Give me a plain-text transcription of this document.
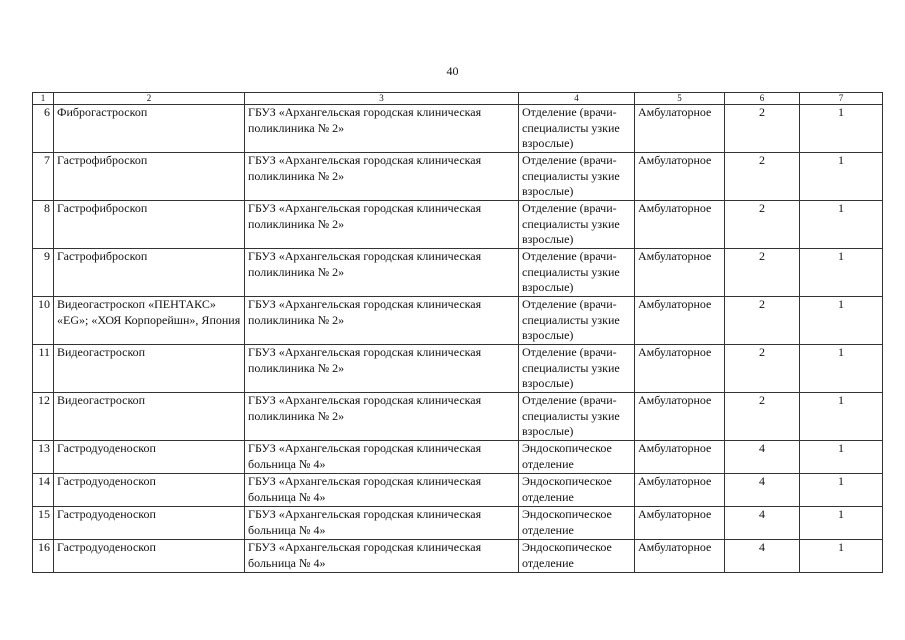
40
1	2	3	4	5	6	7
6	Фиброгастроскоп	ГБУЗ «Архангельская городская клиническая поликлиника № 2»	Отделение (врачи-специалисты узкие взрослые)	Амбулаторное	2	1
7	Гастрофиброскоп	ГБУЗ «Архангельская городская клиническая поликлиника № 2»	Отделение (врачи-специалисты узкие взрослые)	Амбулаторное	2	1
8	Гастрофиброскоп	ГБУЗ «Архангельская городская клиническая поликлиника № 2»	Отделение (врачи-специалисты узкие взрослые)	Амбулаторное	2	1
9	Гастрофиброскоп	ГБУЗ «Архангельская городская клиническая поликлиника № 2»	Отделение (врачи-специалисты узкие взрослые)	Амбулаторное	2	1
10	Видеогастроскоп «ПЕНТАКС» «EG»; «ХОЯ Корпорейшн», Япония	ГБУЗ «Архангельская городская клиническая поликлиника № 2»	Отделение (врачи-специалисты узкие взрослые)	Амбулаторное	2	1
11	Видеогастроскоп	ГБУЗ «Архангельская городская клиническая поликлиника № 2»	Отделение (врачи-специалисты узкие взрослые)	Амбулаторное	2	1
12	Видеогастроскоп	ГБУЗ «Архангельская городская клиническая поликлиника № 2»	Отделение (врачи-специалисты узкие взрослые)	Амбулаторное	2	1
13	Гастродуоденоскоп	ГБУЗ «Архангельская городская клиническая больница № 4»	Эндоскопическое отделение	Амбулаторное	4	1
14	Гастродуоденоскоп	ГБУЗ «Архангельская городская клиническая больница № 4»	Эндоскопическое отделение	Амбулаторное	4	1
15	Гастродуоденоскоп	ГБУЗ «Архангельская городская клиническая больница № 4»	Эндоскопическое отделение	Амбулаторное	4	1
16	Гастродуоденоскоп	ГБУЗ «Архангельская городская клиническая больница № 4»	Эндоскопическое отделение	Амбулаторное	4	1
